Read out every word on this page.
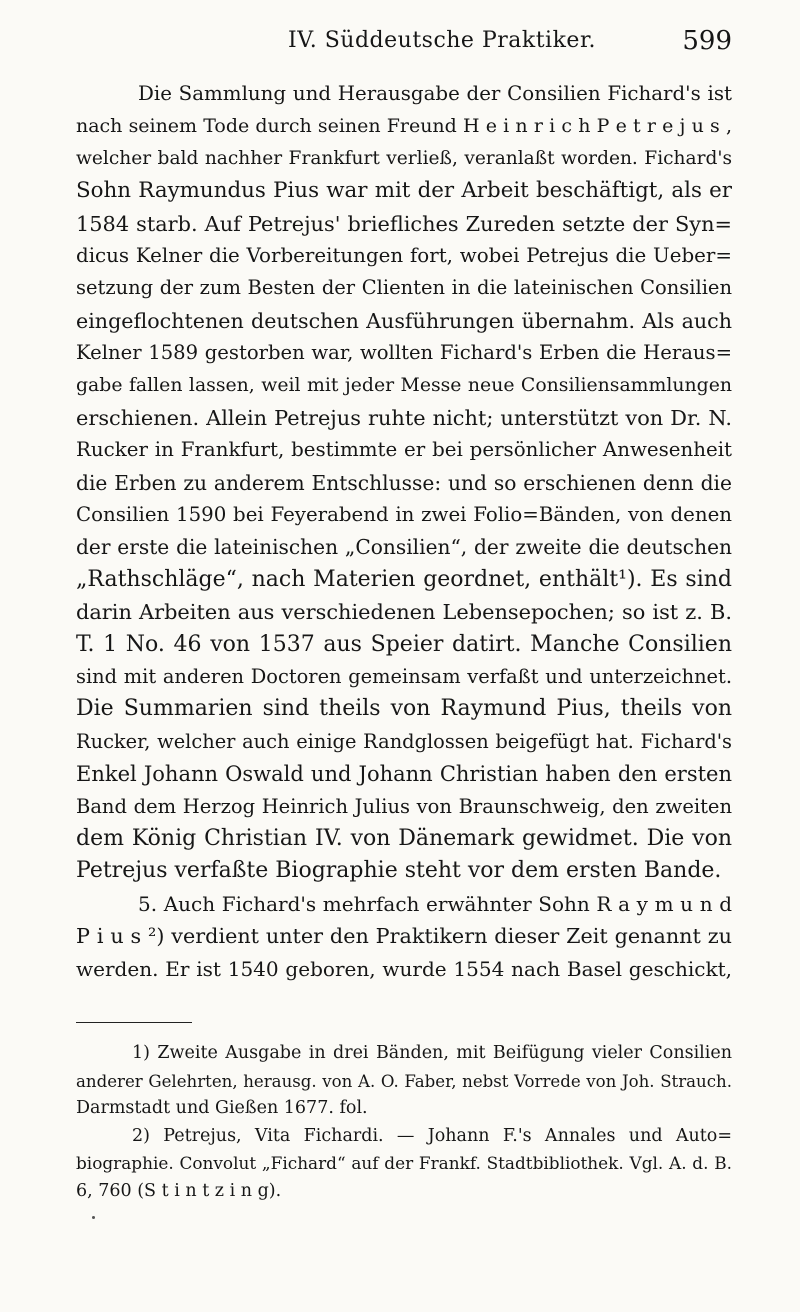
IV. Süddeutsche Praktiker.	599
Die Sammlung und Herausgabe der Consilien Fichard's ist
nach seinem Tode durch seinen Freund H e i n r i c h P e t r e j u s ,
welcher bald nachher Frankfurt verließ, veranlaßt worden. Fichard's
Sohn Raymundus Pius war mit der Arbeit beschäftigt, als er
1584 starb. Auf Petrejus' briefliches Zureden setzte der Syn=
dicus Kelner die Vorbereitungen fort, wobei Petrejus die Ueber=
setzung der zum Besten der Clienten in die lateinischen Consilien
eingeflochtenen deutschen Ausführungen übernahm. Als auch
Kelner 1589 gestorben war, wollten Fichard's Erben die Heraus=
gabe fallen lassen, weil mit jeder Messe neue Consiliensammlungen
erschienen. Allein Petrejus ruhte nicht; unterstützt von Dr. N.
Rucker in Frankfurt, bestimmte er bei persönlicher Anwesenheit
die Erben zu anderem Entschlusse: und so erschienen denn die
Consilien 1590 bei Feyerabend in zwei Folio=Bänden, von denen
der erste die lateinischen „Consilien“, der zweite die deutschen
„Rathschläge“, nach Materien geordnet, enthält¹). Es sind
darin Arbeiten aus verschiedenen Lebensepochen; so ist z. B.
T. 1 No. 46 von 1537 aus Speier datirt. Manche Consilien
sind mit anderen Doctoren gemeinsam verfaßt und unterzeichnet.
Die Summarien sind theils von Raymund Pius, theils von
Rucker, welcher auch einige Randglossen beigefügt hat. Fichard's
Enkel Johann Oswald und Johann Christian haben den ersten
Band dem Herzog Heinrich Julius von Braunschweig, den zweiten
dem König Christian IV. von Dänemark gewidmet. Die von
Petrejus verfaßte Biographie steht vor dem ersten Bande.
5. Auch Fichard's mehrfach erwähnter Sohn R a y m u n d
P i u s ²) verdient unter den Praktikern dieser Zeit genannt zu
werden. Er ist 1540 geboren, wurde 1554 nach Basel geschickt,
1) Zweite Ausgabe in drei Bänden, mit Beifügung vieler Consilien
anderer Gelehrten, herausg. von A. O. Faber, nebst Vorrede von Joh. Strauch.
Darmstadt und Gießen 1677. fol.
2) Petrejus, Vita Fichardi. — Johann F.'s Annales und Auto=
biographie. Convolut „Fichard“ auf der Frankf. Stadtbibliothek. Vgl. A. d. B.
6, 760 (S t i n t z i n g).
